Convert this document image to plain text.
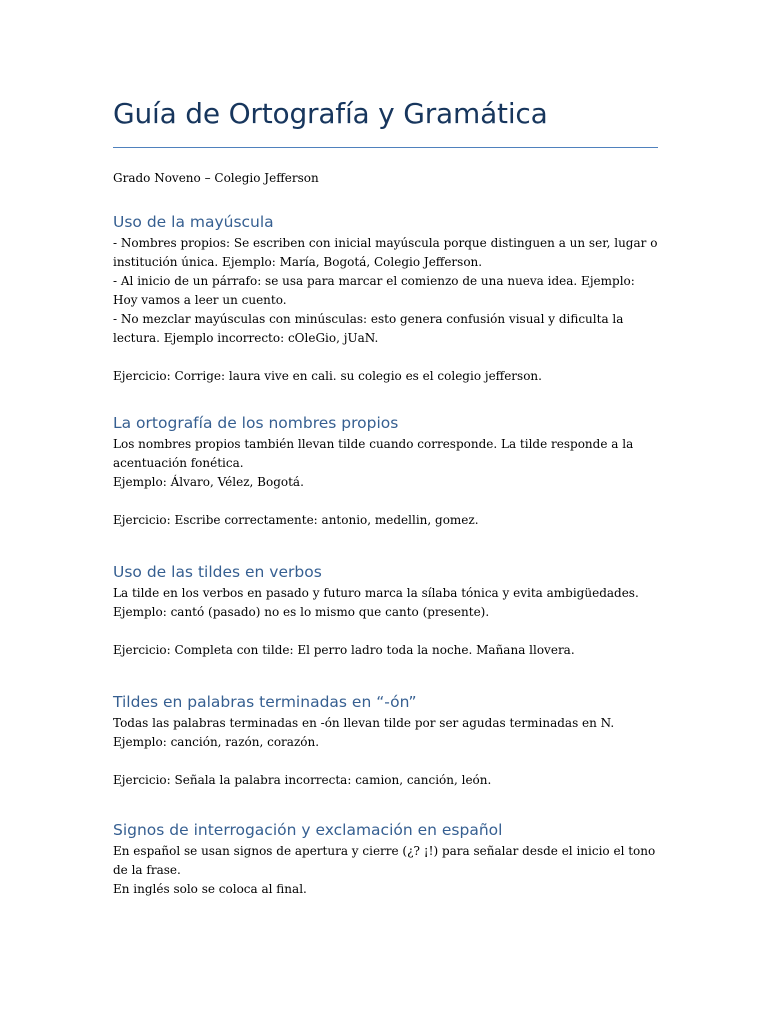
Guía de Ortografía y Gramática

Grado Noveno – Colegio Jefferson

Uso de la mayúscula

- Nombres propios: Se escriben con inicial mayúscula porque distinguen a un ser, lugar o institución única. Ejemplo: María, Bogotá, Colegio Jefferson.

- Al inicio de un párrafo: se usa para marcar el comienzo de una nueva idea. Ejemplo: Hoy vamos a leer un cuento.

- No mezclar mayúsculas con minúsculas: esto genera confusión visual y dificulta la lectura. Ejemplo incorrecto: cOleGio, jUaN.

Ejercicio: Corrige: laura vive en cali. su colegio es el colegio jefferson.

La ortografía de los nombres propios

Los nombres propios también llevan tilde cuando corresponde. La tilde responde a la acentuación fonética.

Ejemplo: Álvaro, Vélez, Bogotá.

Ejercicio: Escribe correctamente: antonio, medellin, gomez.

Uso de las tildes en verbos

La tilde en los verbos en pasado y futuro marca la sílaba tónica y evita ambigüedades.

Ejemplo: cantó (pasado) no es lo mismo que canto (presente).

Ejercicio: Completa con tilde: El perro ladro toda la noche. Mañana llovera.

Tildes en palabras terminadas en “-ón”

Todas las palabras terminadas en -ón llevan tilde por ser agudas terminadas en N.

Ejemplo: canción, razón, corazón.

Ejercicio: Señala la palabra incorrecta: camion, canción, león.

Signos de interrogación y exclamación en español

En español se usan signos de apertura y cierre (¿? ¡!) para señalar desde el inicio el tono de la frase.

En inglés solo se coloca al final.
